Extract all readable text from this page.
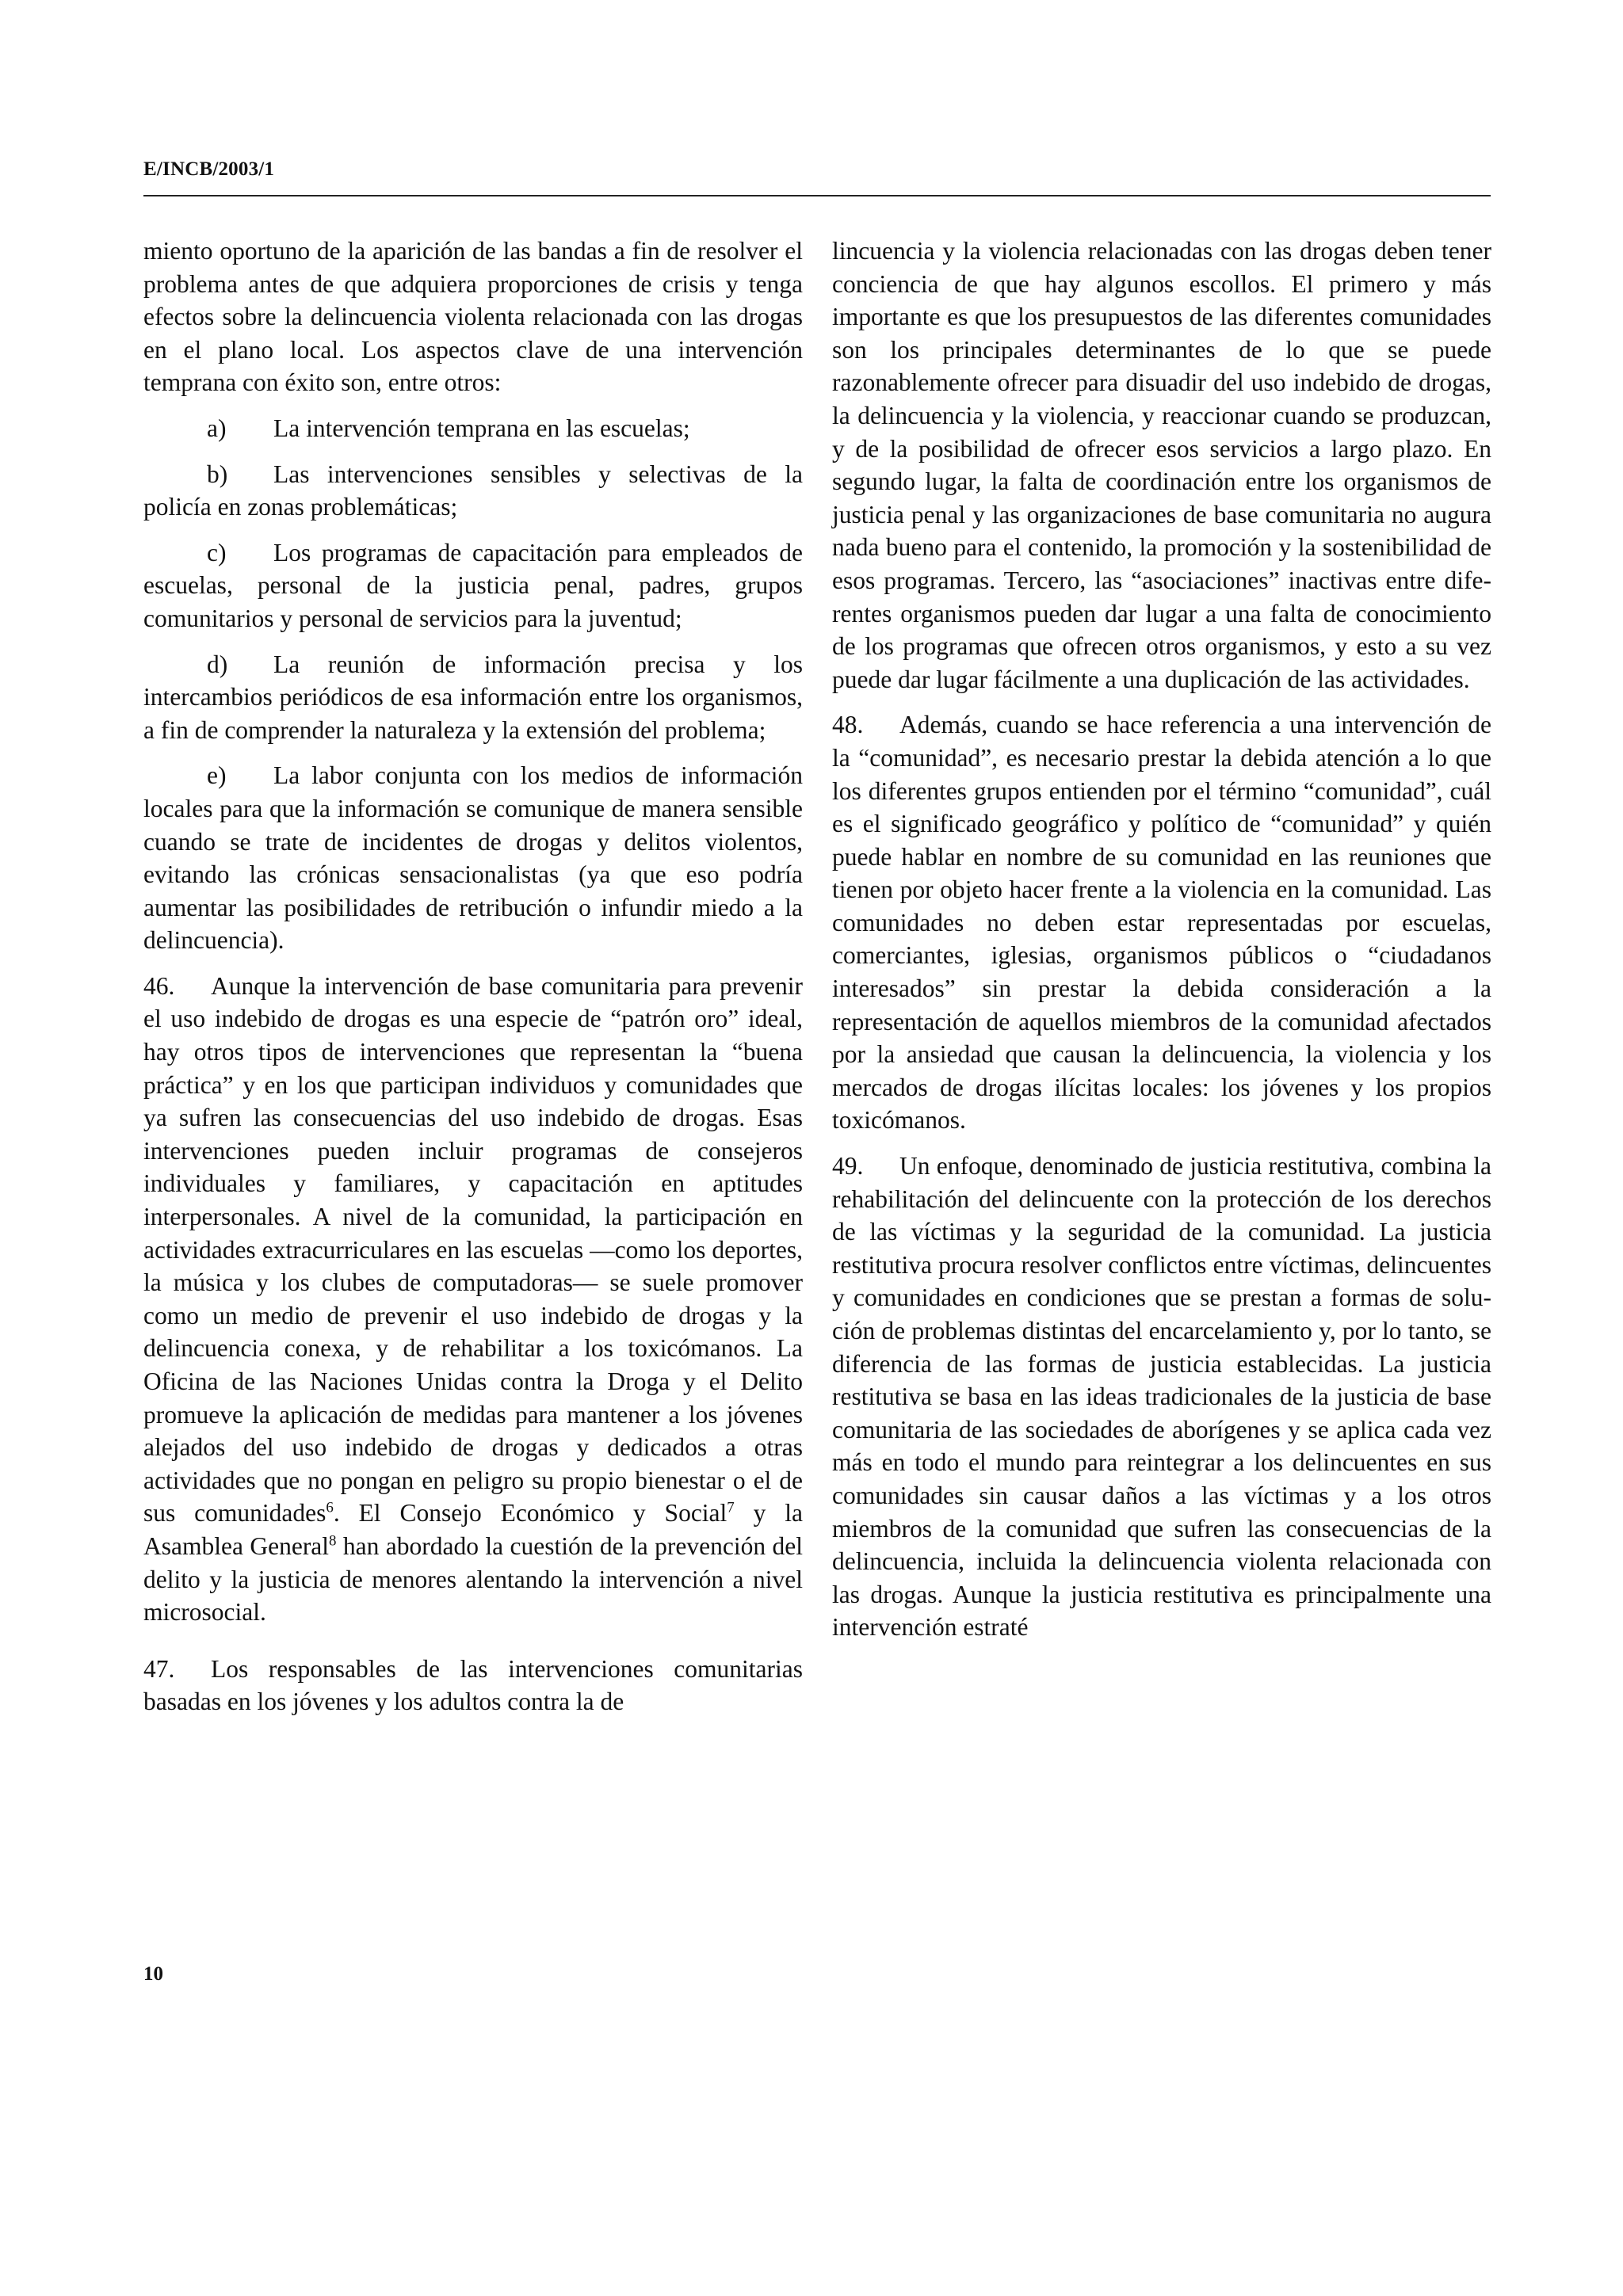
E/INCB/2003/1

miento oportuno de la aparición de las bandas a fin de resolver el problema antes de que adquiera proporciones de crisis y tenga efectos sobre la delincuencia violenta relacionada con las drogas en el plano local. Los aspectos clave de una intervención temprana con éxito son, entre otros:

a) La intervención temprana en las escuelas;

b) Las intervenciones sensibles y selectivas de la policía en zonas problemáticas;

c) Los programas de capacitación para empleados de escuelas, personal de la justicia penal, padres, grupos comunitarios y personal de servicios para la juventud;

d) La reunión de información precisa y los intercambios periódicos de esa información entre los organismos, a fin de comprender la naturaleza y la extensión del problema;

e) La labor conjunta con los medios de información locales para que la información se comunique de manera sensible cuando se trate de incidentes de drogas y delitos violentos, evitando las crónicas sensacionalistas (ya que eso podría aumentar las posibilidades de retribución o infundir miedo a la delincuencia).

46. Aunque la intervención de base comunitaria para prevenir el uso indebido de drogas es una especie de “patrón oro” ideal, hay otros tipos de intervenciones que representan la “buena práctica” y en los que participan individuos y comunidades que ya sufren las consecuencias del uso indebido de drogas. Esas intervenciones pueden incluir programas de consejeros individuales y familiares, y capacitación en aptitudes interpersonales. A nivel de la comunidad, la participación en actividades extracurriculares en las escuelas —como los deportes, la música y los clubes de computadoras— se suele promover como un medio de prevenir el uso indebido de drogas y la delincuencia conexa, y de rehabilitar a los toxicómanos. La Oficina de las Naciones Unidas contra la Droga y el Delito promueve la aplicación de medidas para mantener a los jóvenes alejados del uso indebido de drogas y dedicados a otras actividades que no pongan en peligro su propio bienestar o el de sus comunidades$^6$. El Consejo Económico y Social$^7$ y la Asamblea General$^8$ han abordado la cuestión de la prevención del delito y la justicia de menores alentando la intervención a nivel microsocial.

47. Los responsables de las intervenciones comunitarias basadas en los jóvenes y los adultos contra la de

lincuencia y la violencia relacionadas con las drogas deben tener conciencia de que hay algunos escollos. El primero y más importante es que los presupuestos de las diferentes comunidades son los principales determinantes de lo que se puede razonablemente ofrecer para disuadir del uso indebido de drogas, la delincuencia y la violencia, y reaccionar cuando se produzcan, y de la posibilidad de ofrecer esos servicios a largo plazo. En segundo lugar, la falta de coordinación entre los organismos de justicia penal y las organizaciones de base comunitaria no augura nada bueno para el contenido, la promoción y la sostenibilidad de esos programas. Tercero, las “asociaciones” inactivas entre diferentes organismos pueden dar lugar a una falta de conocimiento de los programas que ofrecen otros organismos, y esto a su vez puede dar lugar fácilmente a una duplicación de las actividades.

48. Además, cuando se hace referencia a una intervención de la “comunidad”, es necesario prestar la debida atención a lo que los diferentes grupos entienden por el término “comunidad”, cuál es el significado geográfico y político de “comunidad” y quién puede hablar en nombre de su comunidad en las reuniones que tienen por objeto hacer frente a la violencia en la comunidad. Las comunidades no deben estar representadas por escuelas, comerciantes, iglesias, organismos públicos o “ciudadanos interesados” sin prestar la debida consideración a la representación de aquellos miembros de la comunidad afectados por la ansiedad que causan la delincuencia, la violencia y los mercados de drogas ilícitas locales: los jóvenes y los propios toxicómanos.

49. Un enfoque, denominado de justicia restitutiva, combina la rehabilitación del delincuente con la protección de los derechos de las víctimas y la seguridad de la comunidad. La justicia restitutiva procura resolver conflictos entre víctimas, delincuentes y comunidades en condiciones que se prestan a formas de solución de problemas distintas del encarcelamiento y, por lo tanto, se diferencia de las formas de justicia establecidas. La justicia restitutiva se basa en las ideas tradicionales de la justicia de base comunitaria de las sociedades de aborígenes y se aplica cada vez más en todo el mundo para reintegrar a los delincuentes en sus comunidades sin causar daños a las víctimas y a los otros miembros de la comunidad que sufren las consecuencias de la delincuencia, incluida la delincuencia violenta relacionada con las drogas. Aunque la justicia restitutiva es principalmente una intervención estraté

10
